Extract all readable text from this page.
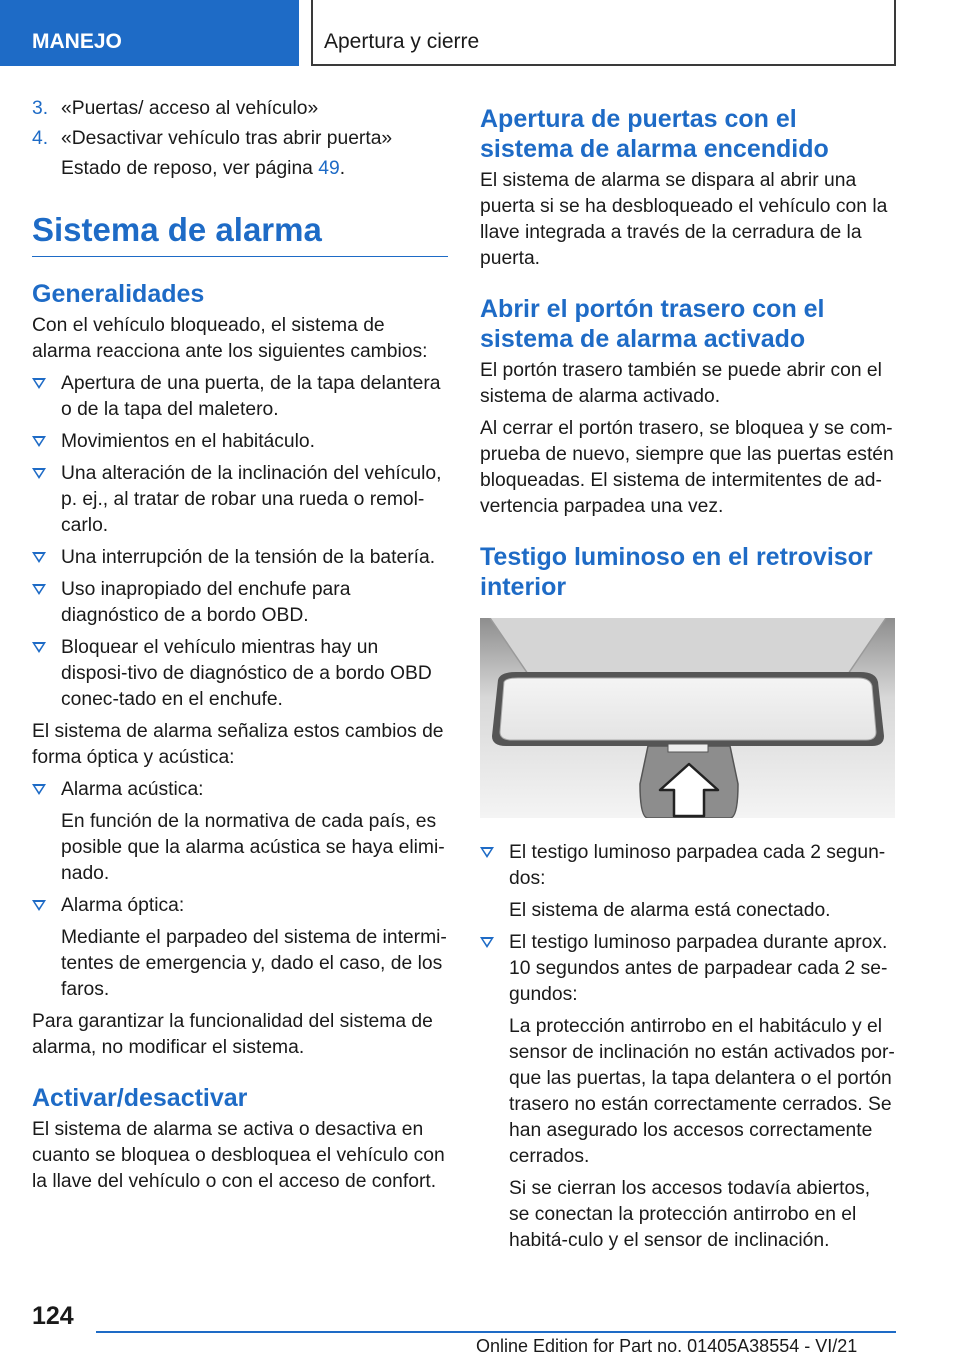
MANEJO	Apertura y cierre
3. «Puertas/ acceso al vehículo»
4. «Desactivar vehículo tras abrir puerta»

Estado de reposo, ver página 49.

Sistema de alarma
Generalidades

Con el vehículo bloqueado, el sistema de alarma reacciona ante los siguientes cambios:

Apertura de una puerta, de la tapa delantera o de la tapa del maletero.
Movimientos en el habitáculo.
Una alteración de la inclinación del vehículo, p. ej., al tratar de robar una rueda o remol‐carlo.
Una interrupción de la tensión de la batería.
Uso inapropiado del enchufe para diagnóstico de a bordo OBD.
Bloquear el vehículo mientras hay un disposi‐tivo de diagnóstico de a bordo OBD conec‐tado en el enchufe.

El sistema de alarma señaliza estos cambios de forma óptica y acústica:

Alarma acústica:
En función de la normativa de cada país, es posible que la alarma acústica se haya elimi‐nado.
Alarma óptica:
Mediante el parpadeo del sistema de intermi‐tentes de emergencia y, dado el caso, de los faros.

Para garantizar la funcionalidad del sistema de alarma, no modificar el sistema.

Activar/desactivar

El sistema de alarma se activa o desactiva en cuanto se bloquea o desbloquea el vehículo con la llave del vehículo o con el acceso de confort.

Apertura de puertas con el sistema de alarma encendido

El sistema de alarma se dispara al abrir una puerta si se ha desbloqueado el vehículo con la llave integrada a través de la cerradura de la puerta.

Abrir el portón trasero con el sistema de alarma activado

El portón trasero también se puede abrir con el sistema de alarma activado.

Al cerrar el portón trasero, se bloquea y se com‐prueba de nuevo, siempre que las puertas estén bloqueadas. El sistema de intermitentes de ad‐vertencia parpadea una vez.

Testigo luminoso en el retrovisor interior
El testigo luminoso parpadea cada 2 segun‐dos:
El sistema de alarma está conectado.
El testigo luminoso parpadea durante aprox. 10 segundos antes de parpadear cada 2 se‐gundos:
La protección antirrobo en el habitáculo y el sensor de inclinación no están activados por‐que las puertas, la tapa delantera o el portón trasero no están correctamente cerrados. Se han asegurado los accesos correctamente cerrados.
Si se cierran los accesos todavía abiertos, se conectan la protección antirrobo en el habitá‐culo y el sensor de inclinación.
124
Online Edition for Part no. 01405A38554 - VI/21
